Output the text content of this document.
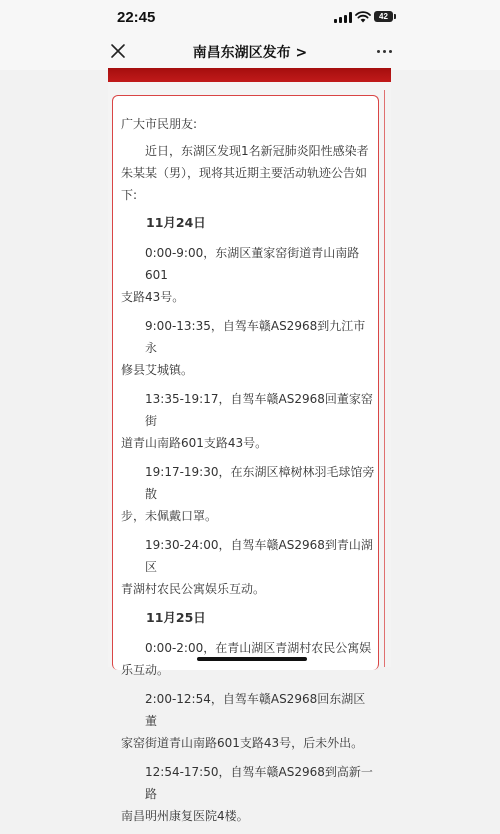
22:45	42
南昌东湖区发布 >

广大市民朋友:

近日，东湖区发现1名新冠肺炎阳性感染者朱某某（男），现将其近期主要活动轨迹公告如下:

11月24日

0:00-9:00，东湖区董家窑街道青山南路601
支路43号。

9:00-13:35，自驾车赣AS2968到九江市永
修县艾城镇。

13:35-19:17，自驾车赣AS2968回董家窑街
道青山南路601支路43号。

19:17-19:30，在东湖区樟树林羽毛球馆旁散
步，未佩戴口罩。

19:30-24:00，自驾车赣AS2968到青山湖区
青湖村农民公寓娱乐互动。

11月25日

0:00-2:00，在青山湖区青湖村农民公寓娱
乐互动。

2:00-12:54，自驾车赣AS2968回东湖区董
家窑街道青山南路601支路43号，后未外出。

12:54-17:50，自驾车赣AS2968到高新一路
南昌明州康复医院4楼。
